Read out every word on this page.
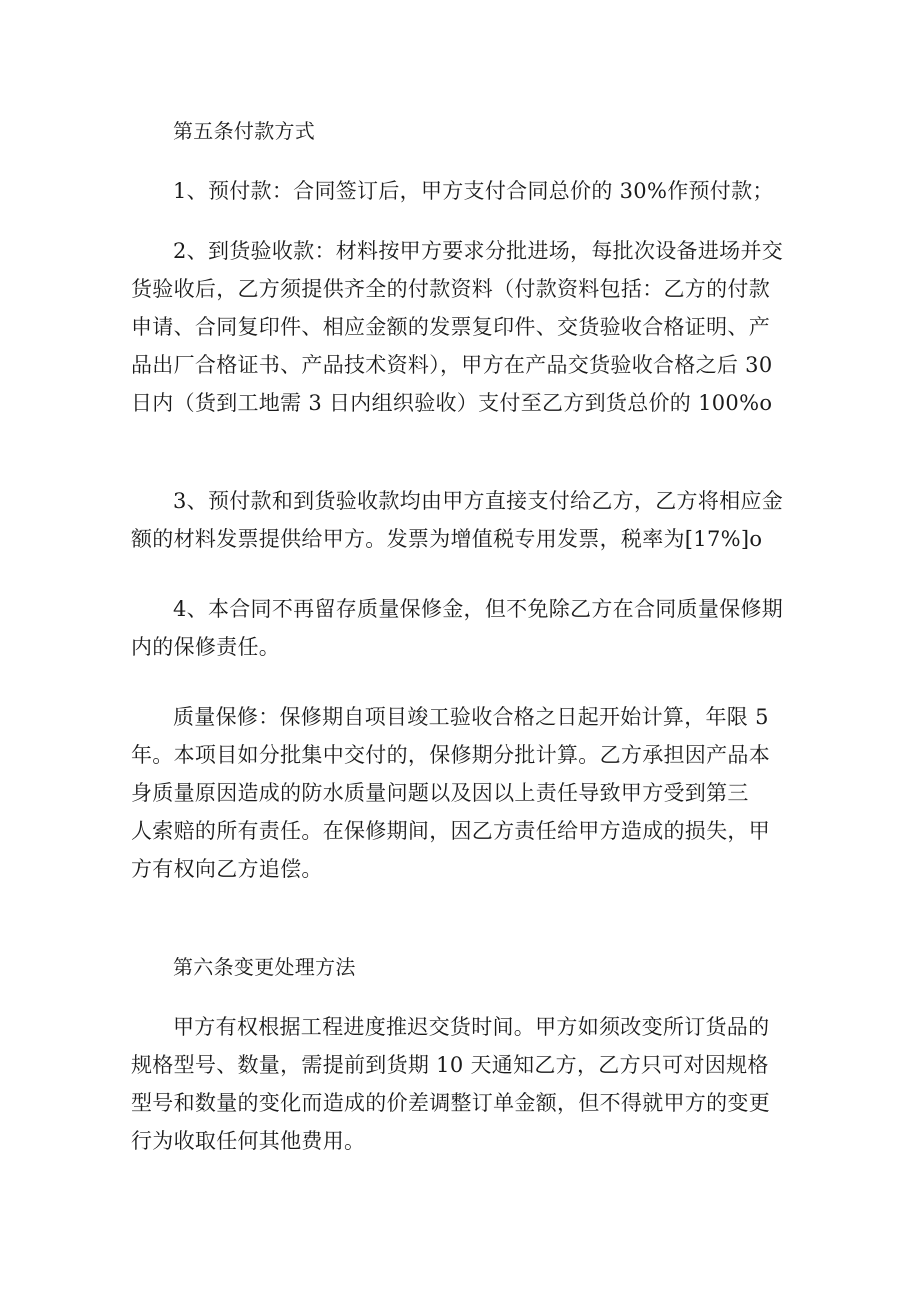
第五条付款方式

1、预付款：合同签订后，甲方支付合同总价的 30%作预付款；

2、到货验收款：材料按甲方要求分批进场，每批次设备进场并交
货验收后，乙方须提供齐全的付款资料（付款资料包括：乙方的付款
申请、合同复印件、相应金额的发票复印件、交货验收合格证明、产
品出厂合格证书、产品技术资料），甲方在产品交货验收合格之后 30
日内（货到工地需 3 日内组织验收）支付至乙方到货总价的 100%o

3、预付款和到货验收款均由甲方直接支付给乙方，乙方将相应金
额的材料发票提供给甲方。发票为增值税专用发票，税率为[17%]o

4、本合同不再留存质量保修金，但不免除乙方在合同质量保修期
内的保修责任。

质量保修：保修期自项目竣工验收合格之日起开始计算，年限 5
年。本项目如分批集中交付的，保修期分批计算。乙方承担因产品本
身质量原因造成的防水质量问题以及因以上责任导致甲方受到第三
人索赔的所有责任。在保修期间，因乙方责任给甲方造成的损失，甲
方有权向乙方追偿。

第六条变更处理方法

甲方有权根据工程进度推迟交货时间。甲方如须改变所订货品的
规格型号、数量，需提前到货期 10 天通知乙方，乙方只可对因规格
型号和数量的变化而造成的价差调整订单金额，但不得就甲方的变更
行为收取任何其他费用。
